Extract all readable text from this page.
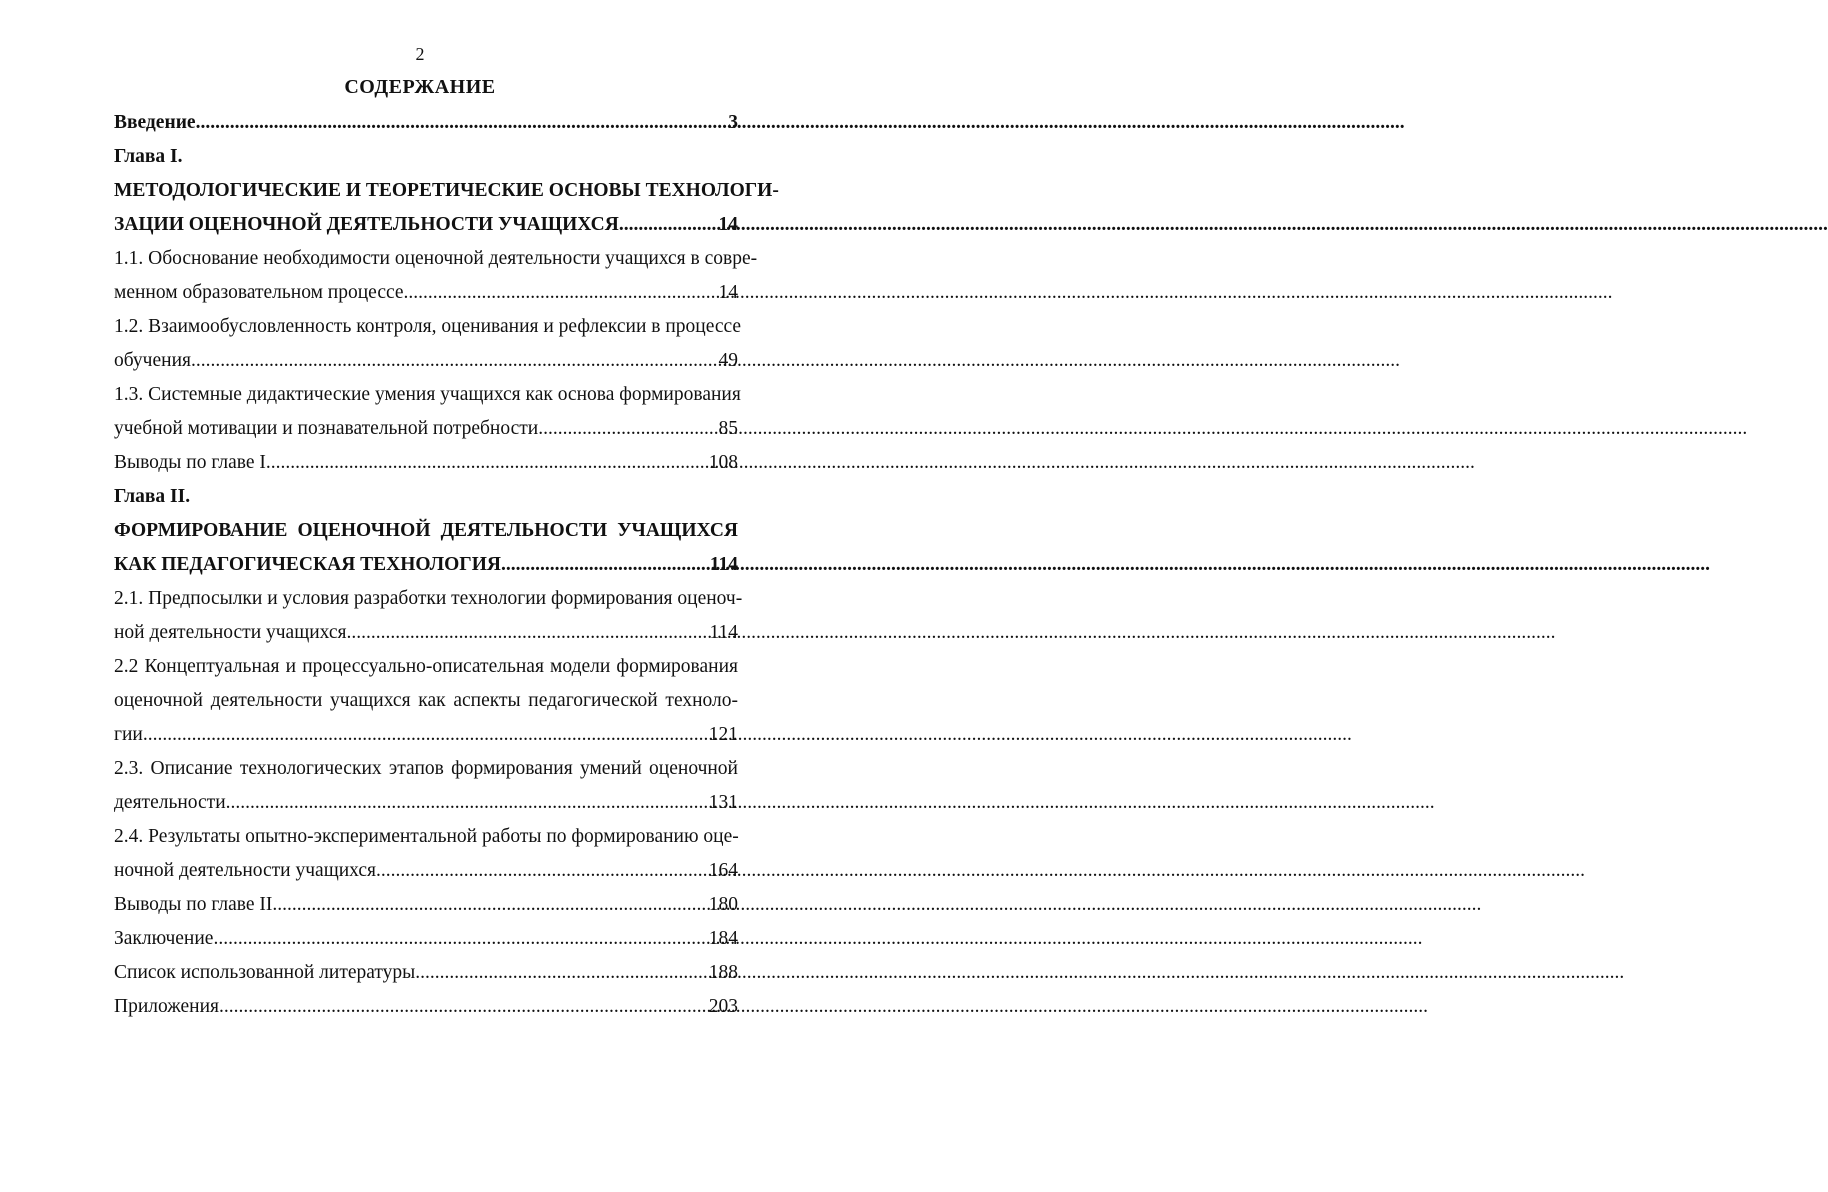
2
СОДЕРЖАНИЕ
Введение .....	3
Глава I.
МЕТОДОЛОГИЧЕСКИЕ И ТЕОРЕТИЧЕСКИЕ ОСНОВЫ ТЕХНОЛОГИ-
ЗАЦИИ ОЦЕНОЧНОЙ ДЕЯТЕЛЬНОСТИ УЧАЩИХСЯ .....	14
1.1. Обоснование необходимости оценочной деятельности учащихся в совре-
менном образовательном процессе .....	14
1.2. Взаимообусловленность контроля, оценивания и рефлексии в процессе
обучения .....	49
1.3. Системные дидактические умения учащихся как основа формирования
учебной мотивации и познавательной потребности .....	85
Выводы по главе I .....	108
Глава II.
ФОРМИРОВАНИЕ ОЦЕНОЧНОЙ ДЕЯТЕЛЬНОСТИ УЧАЩИХСЯ
КАК ПЕДАГОГИЧЕСКАЯ ТЕХНОЛОГИЯ .....	114
2.1. Предпосылки и условия разработки технологии формирования оценоч-
ной деятельности учащихся .....	114
2.2 Концептуальная и процессуально-описательная модели формирования
оценочной деятельности учащихся как аспекты педагогической техноло-
гии .....	121
2.3. Описание технологических этапов формирования умений оценочной
деятельности .....	131
2.4. Результаты опытно-экспериментальной работы по формированию оце-
ночной деятельности учащихся .....	164
Выводы по главе II .....	180
Заключение .....	184
Список использованной литературы .....	188
Приложения .....	203
